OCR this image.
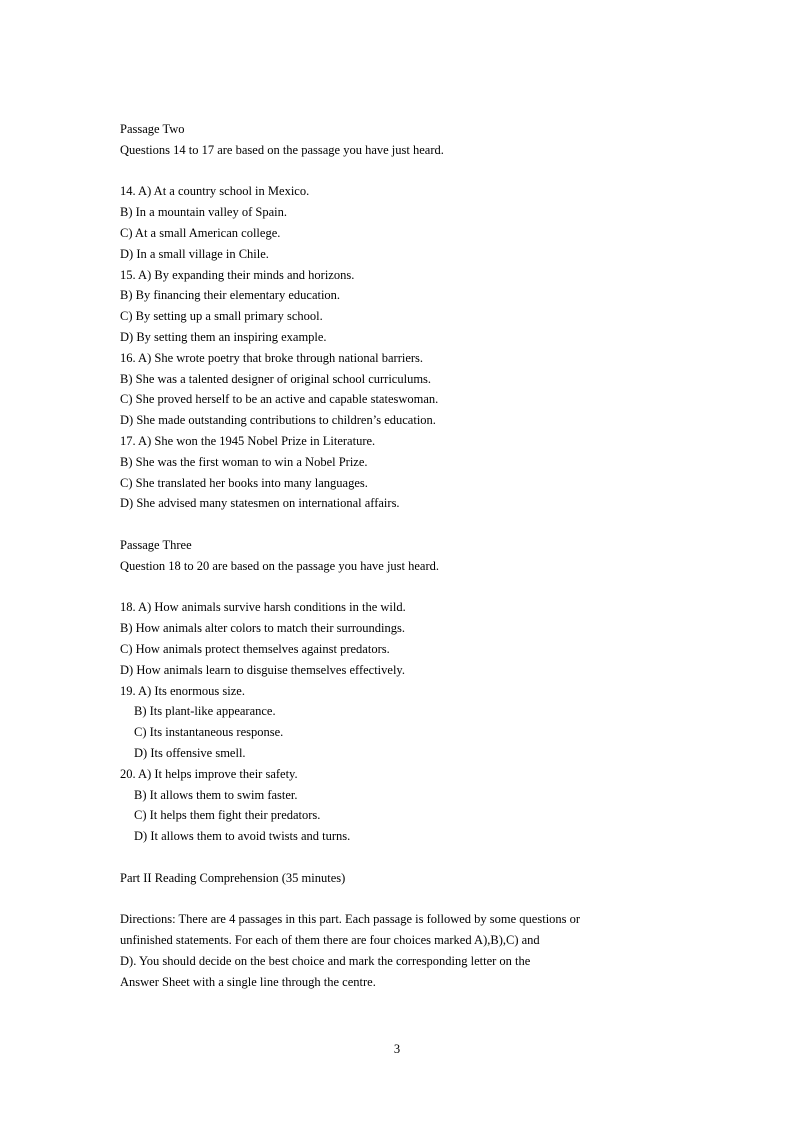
Passage Two
Questions 14 to 17 are based on the passage you have just heard.
14. A) At a country school in Mexico.
B) In a mountain valley of Spain.
C) At a small American college.
D) In a small village in Chile.
15. A) By expanding their minds and horizons.
B) By financing their elementary education.
C) By setting up a small primary school.
D) By setting them an inspiring example.
16. A) She wrote poetry that broke through national barriers.
B) She was a talented designer of original school curriculums.
C) She proved herself to be an active and capable stateswoman.
D) She made outstanding contributions to children’s education.
17. A) She won the 1945 Nobel Prize in Literature.
B) She was the first woman to win a Nobel Prize.
C) She translated her books into many languages.
D) She advised many statesmen on international affairs.
Passage Three
Question 18 to 20 are based on the passage you have just heard.
18. A) How animals survive harsh conditions in the wild.
B) How animals alter colors to match their surroundings.
C) How animals protect themselves against predators.
D) How animals learn to disguise themselves effectively.
19. A) Its enormous size.
B) Its plant-like appearance.
C) Its instantaneous response.
D) Its offensive smell.
20. A) It helps improve their safety.
B) It allows them to swim faster.
C) It helps them fight their predators.
D) It allows them to avoid twists and turns.
Part II Reading Comprehension (35 minutes)
Directions: There are 4 passages in this part. Each passage is followed by some questions or
unfinished statements. For each of them there are four choices marked A),B),C) and
D). You should decide on the best choice and mark the corresponding letter on the
Answer Sheet with a single line through the centre.
3
